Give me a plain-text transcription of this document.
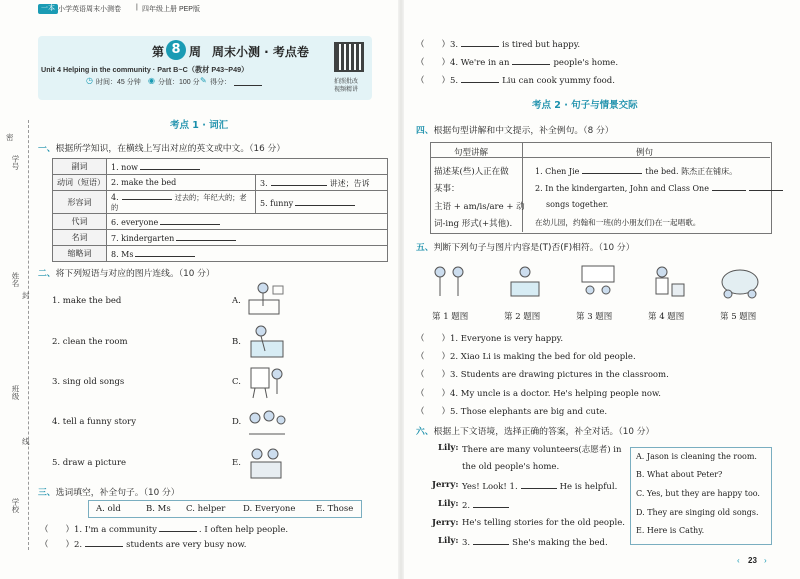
一本 小学英语周末小测卷 | 四年级上册 PEP版
密
学号
姓名
封
班级
线
学校
第 8 周 周末小测 · 考点卷
Unit 4 Helping in the community · Part B~C（教材 P43~P49）
◷ 时间：45 分钟 ◉ 分值：100 分 ✎ 得分：	拍照批改
视频精讲
考点 1 · 词汇
一、根据所学知识，在横线上写出对应的英文或中文。（16 分）
副词	1. now	
动词（短语）	2. make the bed	3. 讲述；告诉
形容词	4. 过去的；年纪大的；老的	5. funny
代词	6. everyone	
名词	7. kindergarten	
缩略词	8. Ms	
二、将下列短语与对应的图片连线。（10 分）
1. make the bed
2. clean the room
3. sing old songs
4. tell a funny story
5. draw a picture
A.
B.
C.
D.
E.
三、选词填空，补全句子。（10 分）
A. old	B. Ms C. helper D. Everyone E. Those
（　　）1. I'm a community	. I often help people.
（　　）2.	students are very busy now.
（　　）3.	is tired but happy.
（　　）4. We're in an	people's home.
（　　）5.	Liu can cook yummy food.
考点 2 · 句子与情景交际
四、根据句型讲解和中文提示，补全例句。（8 分）
句型讲解	例句
描述某(些)人正在做
某事：
主语 + am/is/are + 动
词-ing 形式(+其他).
1. Chen Jie	the bed. 陈杰正在铺床。
2. In the kindergarten, John and Class One
songs together.
在幼儿园，约翰和一班(的小朋友们)在一起唱歌。
五、判断下列句子与图片内容是(T)否(F)相符。（10 分）
第 1 题图	第 2 题图	第 3 题图	第 4 题图	第 5 题图
（　　）1. Everyone is very happy.
（　　）2. Xiao Li is making the bed for old people.
（　　）3. Students are drawing pictures in the classroom.
（　　）4. My uncle is a doctor. He's helping people now.
（　　）5. Those elephants are big and cute.
六、根据上下文语境，选择正确的答案，补全对话。（10 分）
Lily: There are many volunteers(志愿者) in
the old people's home.
Jerry: Yes! Look! 1.	He is helpful.
Lily: 2.
Jerry: He's telling stories for the old people.
Lily: 3.	She's making the bed.
A. Jason is cleaning the room.
B. What about Peter?
C. Yes, but they are happy too.
D. They are singing old songs.
E. Here is Cathy.
‹ 23 ›
